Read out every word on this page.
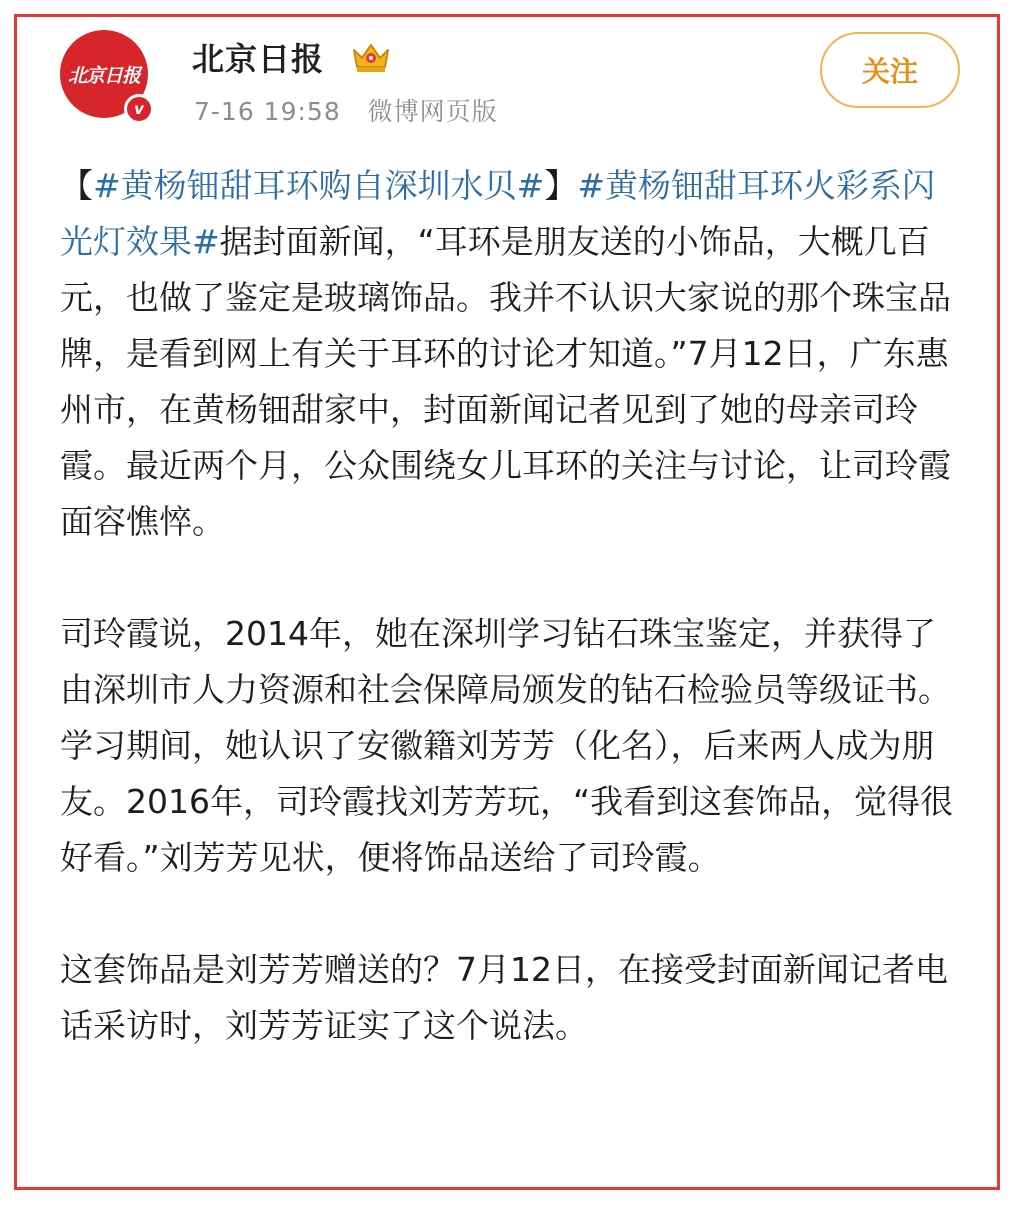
北京日报
v
北京日报
7-16 19:58 微博网页版
关注

【#黄杨钿甜耳环购自深圳水贝#】#黄杨钿甜耳环火彩系闪光灯效果#据封面新闻，“耳环是朋友送的小饰品，大概几百元，也做了鉴定是玻璃饰品。我并不认识大家说的那个珠宝品牌，是看到网上有关于耳环的讨论才知道。”7月12日，广东惠州市，在黄杨钿甜家中，封面新闻记者见到了她的母亲司玲霞。最近两个月，公众围绕女儿耳环的关注与讨论，让司玲霞面容憔悴。

司玲霞说，2014年，她在深圳学习钻石珠宝鉴定，并获得了由深圳市人力资源和社会保障局颁发的钻石检验员等级证书。学习期间，她认识了安徽籍刘芳芳（化名），后来两人成为朋友。2016年，司玲霞找刘芳芳玩，“我看到这套饰品，觉得很好看。”刘芳芳见状，便将饰品送给了司玲霞。

这套饰品是刘芳芳赠送的？7月12日，在接受封面新闻记者电话采访时，刘芳芳证实了这个说法。
